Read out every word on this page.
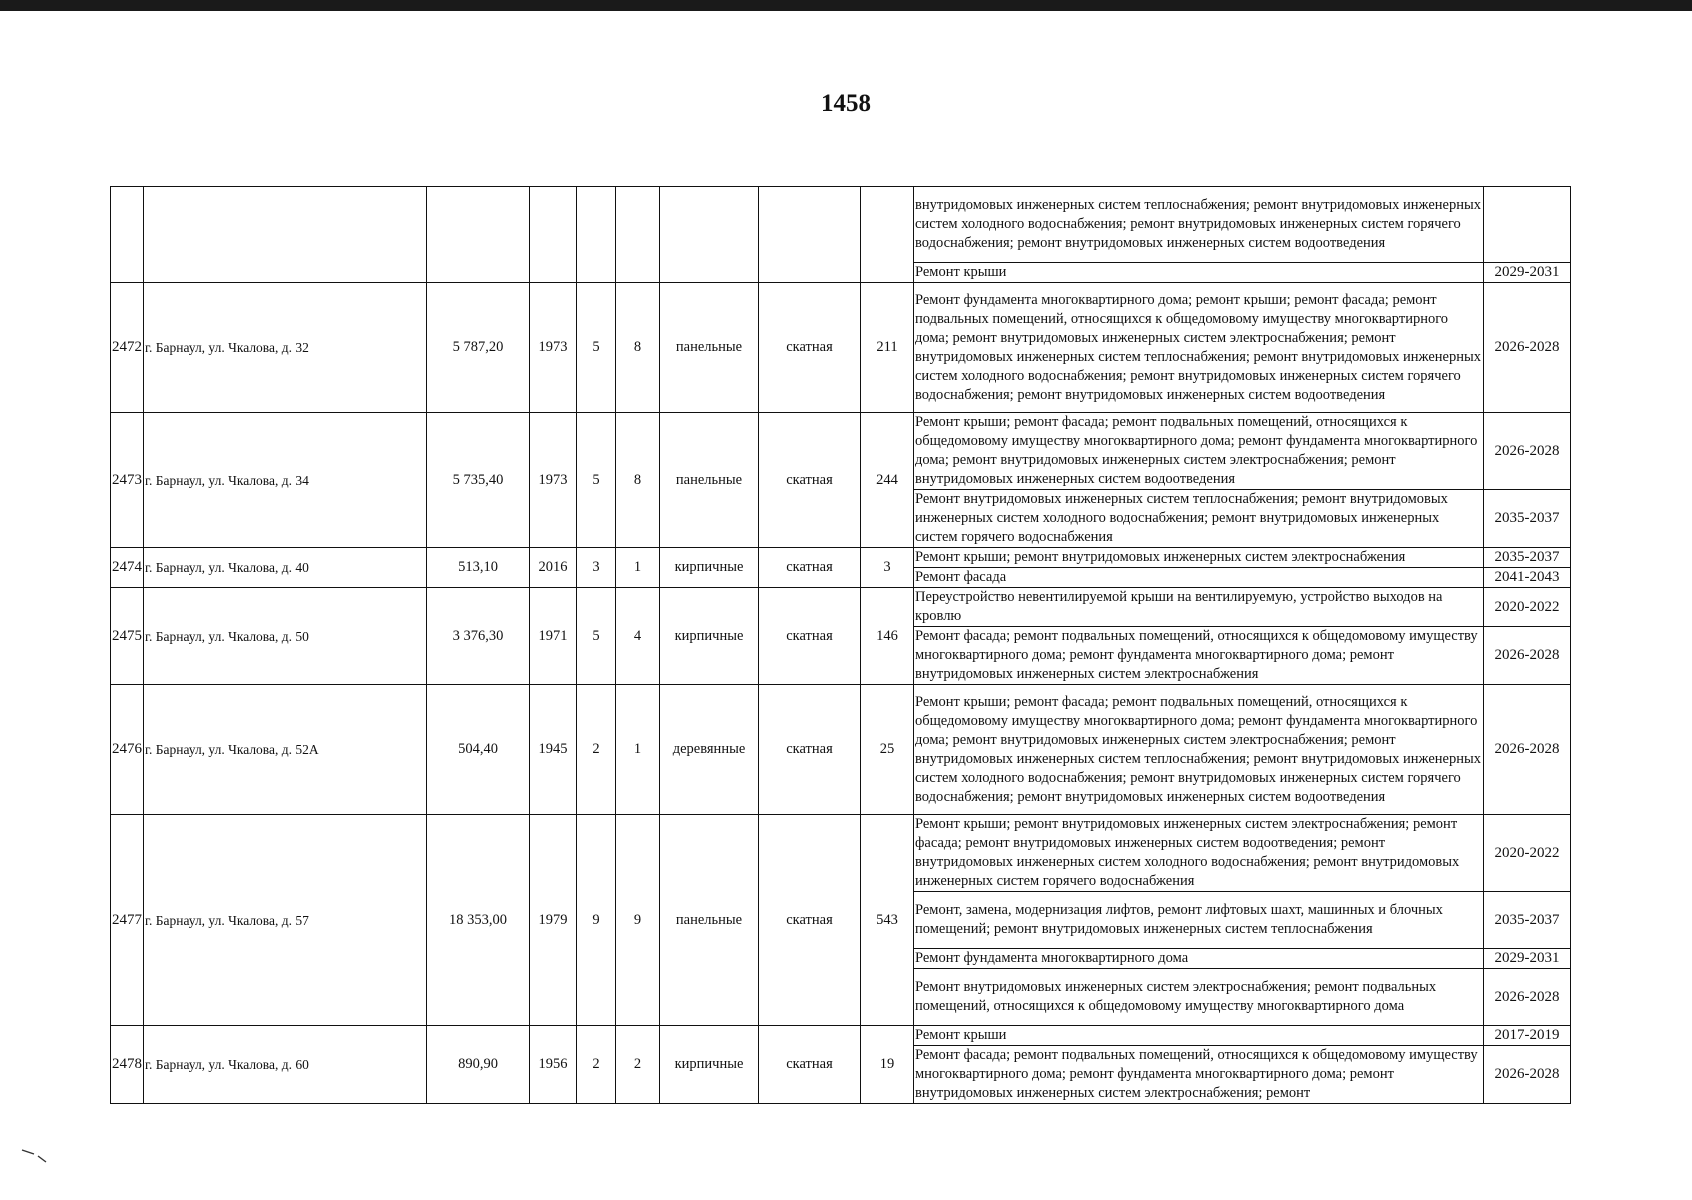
1458
									внутридомовых инженерных систем теплоснабжения; ремонт внутридомовых инженерных систем холодного водоснабжения; ремонт внутридомовых инженерных систем горячего водоснабжения; ремонт внутридомовых инженерных систем водоотведения	
									Ремонт крыши	2029-2031
2472	г. Барнаул, ул. Чкалова, д. 32	5 787,20	1973	5	8	панельные	скатная	211	Ремонт фундамента многоквартирного дома; ремонт крыши; ремонт фасада; ремонт подвальных помещений, относящихся к общедомовому имуществу многоквартирного дома; ремонт внутридомовых инженерных систем электроснабжения; ремонт внутридомовых инженерных систем теплоснабжения; ремонт внутридомовых инженерных систем холодного водоснабжения; ремонт внутридомовых инженерных систем горячего водоснабжения; ремонт внутридомовых инженерных систем водоотведения	2026-2028
2473	г. Барнаул, ул. Чкалова, д. 34	5 735,40	1973	5	8	панельные	скатная	244	Ремонт крыши; ремонт фасада; ремонт подвальных помещений, относящихся к общедомовому имуществу многоквартирного дома; ремонт фундамента многоквартирного дома; ремонт внутридомовых инженерных систем электроснабжения; ремонт внутридомовых инженерных систем водоотведения	2026-2028
									Ремонт внутридомовых инженерных систем теплоснабжения; ремонт внутридомовых инженерных систем холодного водоснабжения; ремонт внутридомовых инженерных систем горячего водоснабжения	2035-2037
2474	г. Барнаул, ул. Чкалова, д. 40	513,10	2016	3	1	кирпичные	скатная	3	Ремонт крыши; ремонт внутридомовых инженерных систем электроснабжения	2035-2037
									Ремонт фасада	2041-2043
2475	г. Барнаул, ул. Чкалова, д. 50	3 376,30	1971	5	4	кирпичные	скатная	146	Переустройство невентилируемой крыши на вентилируемую, устройство выходов на кровлю	2020-2022
									Ремонт фасада; ремонт подвальных помещений, относящихся к общедомовому имуществу многоквартирного дома; ремонт фундамента многоквартирного дома; ремонт внутридомовых инженерных систем электроснабжения	2026-2028
2476	г. Барнаул, ул. Чкалова, д. 52А	504,40	1945	2	1	деревянные	скатная	25	Ремонт крыши; ремонт фасада; ремонт подвальных помещений, относящихся к общедомовому имуществу многоквартирного дома; ремонт фундамента многоквартирного дома; ремонт внутридомовых инженерных систем электроснабжения; ремонт внутридомовых инженерных систем теплоснабжения; ремонт внутридомовых инженерных систем холодного водоснабжения; ремонт внутридомовых инженерных систем горячего водоснабжения; ремонт внутридомовых инженерных систем водоотведения	2026-2028
2477	г. Барнаул, ул. Чкалова, д. 57	18 353,00	1979	9	9	панельные	скатная	543	Ремонт крыши; ремонт внутридомовых инженерных систем электроснабжения; ремонт фасада; ремонт внутридомовых инженерных систем водоотведения; ремонт внутридомовых инженерных систем холодного водоснабжения; ремонт внутридомовых инженерных систем горячего водоснабжения	2020-2022
									Ремонт, замена, модернизация лифтов, ремонт лифтовых шахт, машинных и блочных помещений; ремонт внутридомовых инженерных систем теплоснабжения	2035-2037
									Ремонт фундамента многоквартирного дома	2029-2031
									Ремонт внутридомовых инженерных систем электроснабжения; ремонт подвальных помещений, относящихся к общедомовому имуществу многоквартирного дома	2026-2028
2478	г. Барнаул, ул. Чкалова, д. 60	890,90	1956	2	2	кирпичные	скатная	19	Ремонт крыши	2017-2019
									Ремонт фасада; ремонт подвальных помещений, относящихся к общедомовому имуществу многоквартирного дома; ремонт фундамента многоквартирного дома; ремонт внутридомовых инженерных систем электроснабжения; ремонт	2026-2028
